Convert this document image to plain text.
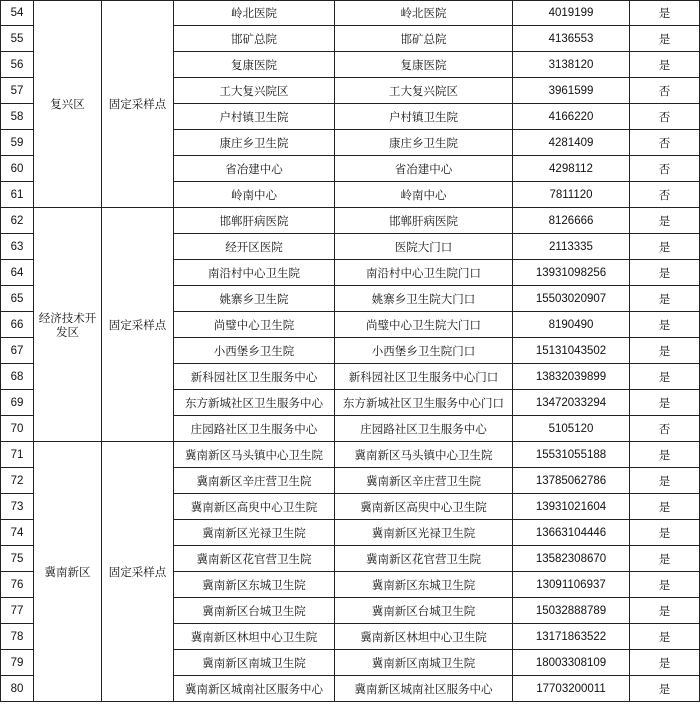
54	复兴区	固定采样点	岭北医院	岭北医院	4019199	是
55			邯矿总院	邯矿总院	4136553	是
56			复康医院	复康医院	3138120	是
57			工大复兴院区	工大复兴院区	3961599	否
58			户村镇卫生院	户村镇卫生院	4166220	否
59			康庄乡卫生院	康庄乡卫生院	4281409	否
60			省冶建中心	省冶建中心	4298112	否
61			岭南中心	岭南中心	7811120	否
62	经济技术开发区	固定采样点	邯郸肝病医院	邯郸肝病医院	8126666	是
63			经开区医院	医院大门口	2113335	是
64			南沿村中心卫生院	南沿村中心卫生院门口	13931098256	是
65			姚寨乡卫生院	姚寨乡卫生院大门口	15503020907	是
66			尚璧中心卫生院	尚璧中心卫生院大门口	8190490	是
67			小西堡乡卫生院	小西堡乡卫生院门口	15131043502	是
68			新科园社区卫生服务中心	新科园社区卫生服务中心门口	13832039899	是
69			东方新城社区卫生服务中心	东方新城社区卫生服务中心门口	13472033294	是
70			庄园路社区卫生服务中心	庄园路社区卫生服务中心	5105120	否
71	冀南新区	固定采样点	冀南新区马头镇中心卫生院	冀南新区马头镇中心卫生院	15531055188	是
72			冀南新区辛庄营卫生院	冀南新区辛庄营卫生院	13785062786	是
73			冀南新区高臾中心卫生院	冀南新区高臾中心卫生院	13931021604	是
74			冀南新区光禄卫生院	冀南新区光禄卫生院	13663104446	是
75			冀南新区花官营卫生院	冀南新区花官营卫生院	13582308670	是
76			冀南新区东城卫生院	冀南新区东城卫生院	13091106937	是
77			冀南新区台城卫生院	冀南新区台城卫生院	15032888789	是
78			冀南新区林坦中心卫生院	冀南新区林坦中心卫生院	13171863522	是
79			冀南新区南城卫生院	冀南新区南城卫生院	18003308109	是
80			冀南新区城南社区服务中心	冀南新区城南社区服务中心	17703200011	是
